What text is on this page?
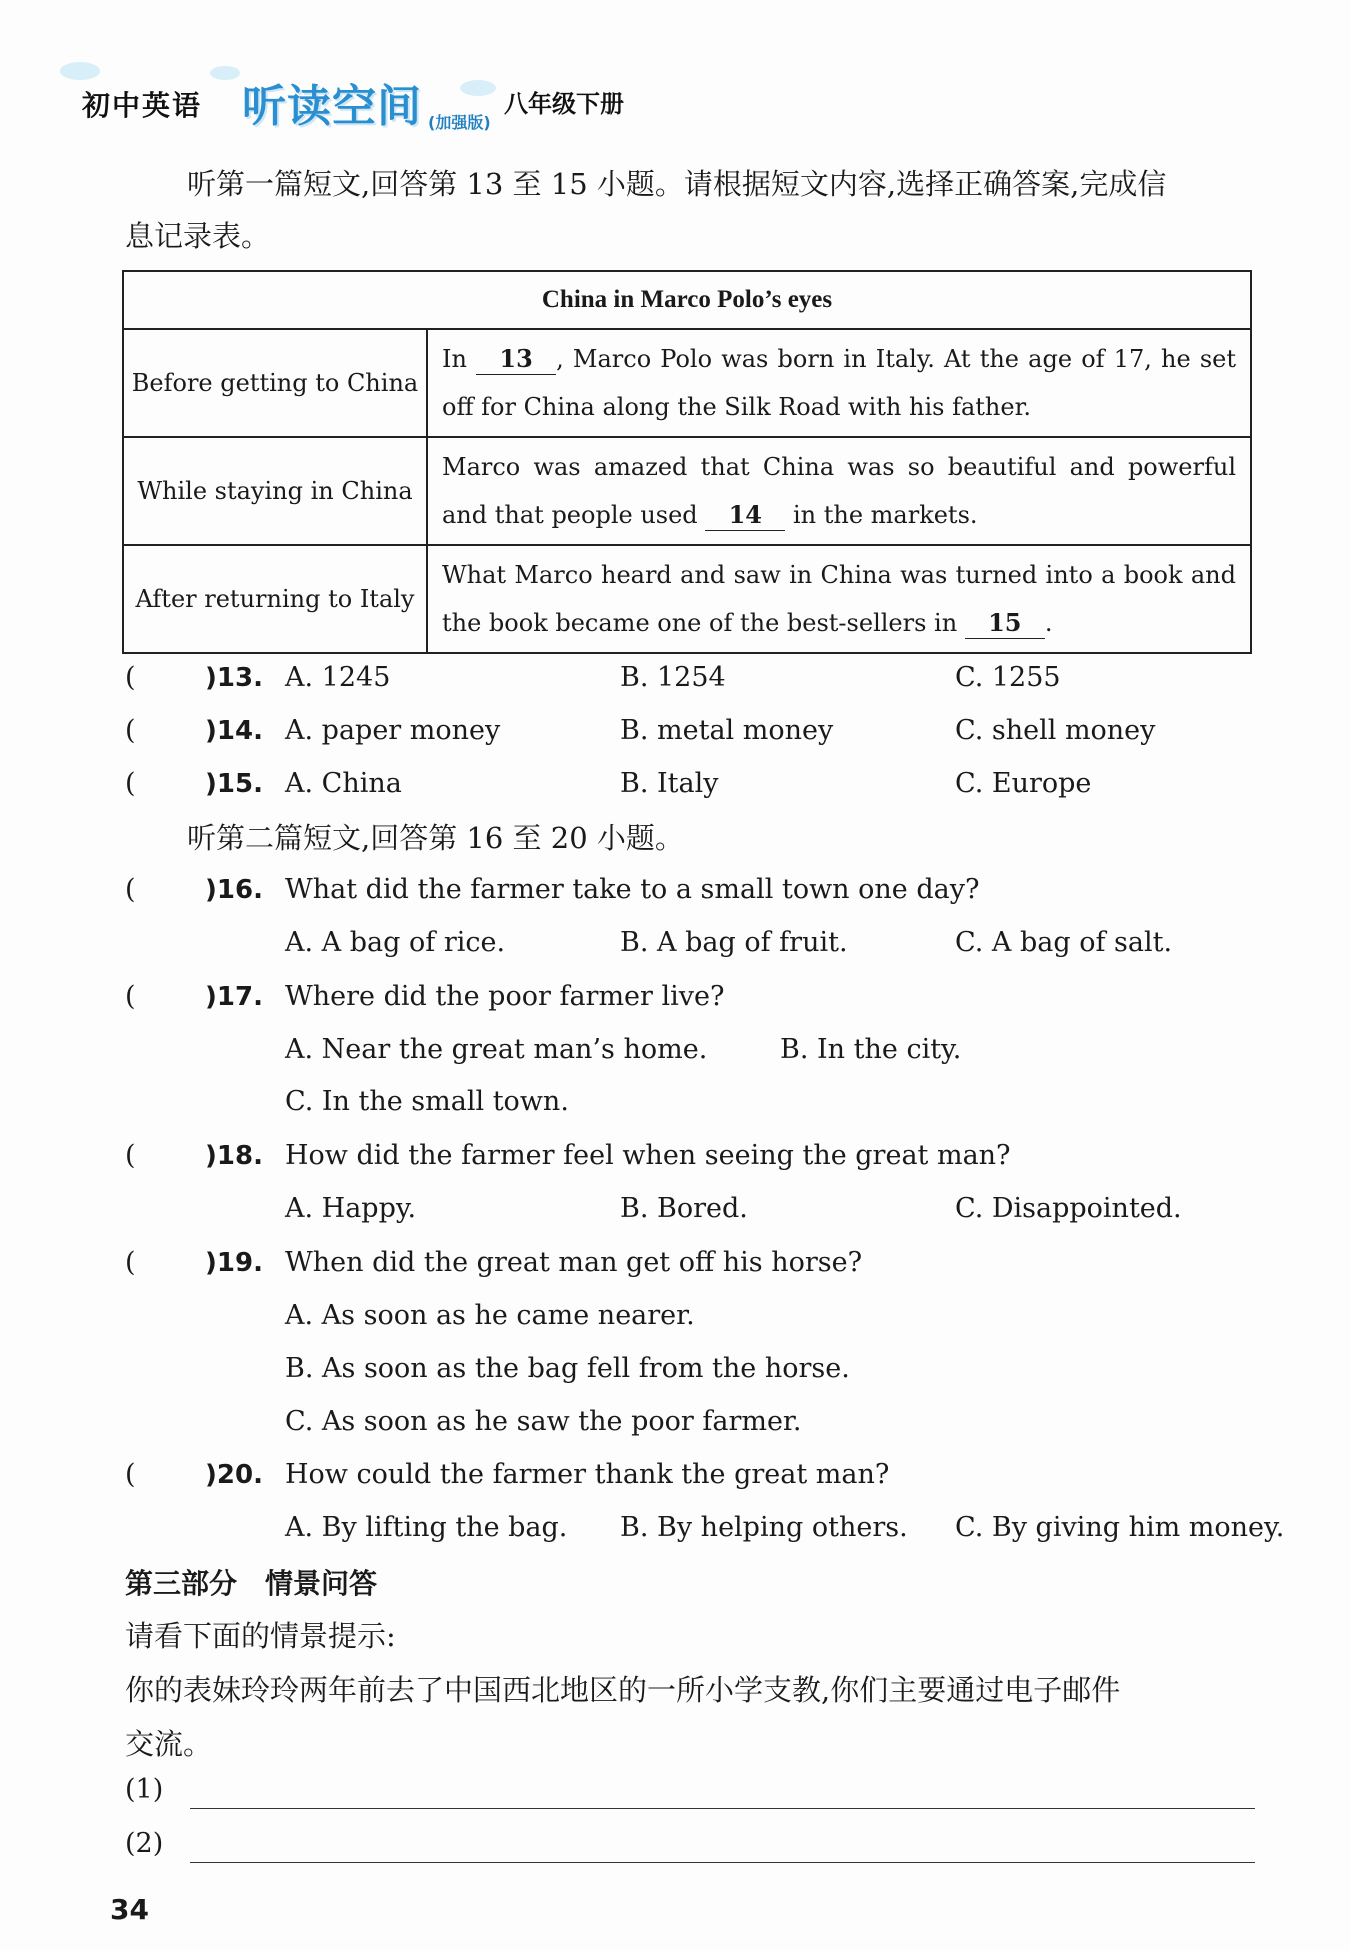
初中英语 听读空间 (加强版)
八年级下册
听第一篇短文,回答第 13 至 15 小题。请根据短文内容,选择正确答案,完成信
息记录表。
China in Marco Polo’s eyes	
Before getting to China	In 13 , Marco Polo was born in Italy. At the age of 17, he set off for China along the Silk Road with his father.
While staying in China	Marco was amazed that China was so beautiful and powerful and that people used 14 in the markets.
After returning to Italy	What Marco heard and saw in China was turned into a book and the book became one of the best-sellers in 15 .
(	)13. A. 1245	B. 1254	C. 1255
(	)14. A. paper money	B. metal money	C. shell money
(	)15. A. China	B. Italy	C. Europe
听第二篇短文,回答第 16 至 20 小题。
(	)16. What did the farmer take to a small town one day?
A. A bag of rice.	B. A bag of fruit.	C. A bag of salt.
(	)17. Where did the poor farmer live?
A. Near the great man’s home.	B. In the city.
C. In the small town.
(	)18. How did the farmer feel when seeing the great man?
A. Happy.	B. Bored.	C. Disappointed.
(	)19. When did the great man get off his horse?
A. As soon as he came nearer.
B. As soon as the bag fell from the horse.
C. As soon as he saw the poor farmer.
(	)20. How could the farmer thank the great man?
A. By lifting the bag. B. By helping others. C. By giving him money.
第三部分　情景问答
请看下面的情景提示:
你的表妹玲玲两年前去了中国西北地区的一所小学支教,你们主要通过电子邮件
交流。
(1)
(2)
34
